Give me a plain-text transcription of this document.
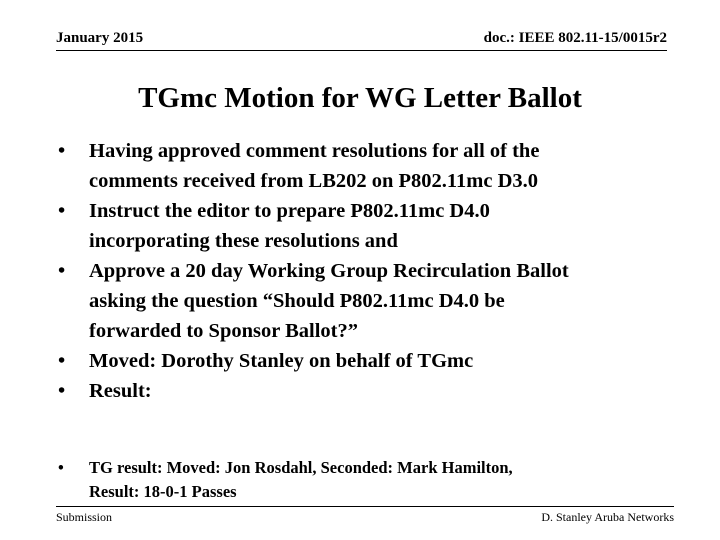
January 2015	doc.: IEEE 802.11-15/0015r2
TGmc Motion for WG Letter Ballot
• Having approved comment resolutions for all of the
comments received from LB202 on P802.11mc D3.0
• Instruct the editor to prepare P802.11mc D4.0
incorporating these resolutions and
• Approve a 20 day Working Group Recirculation Ballot
asking the question “Should P802.11mc D4.0 be
forwarded to Sponsor Ballot?”
• Moved: Dorothy Stanley on behalf of TGmc
• Result:
• TG result: Moved: Jon Rosdahl, Seconded: Mark Hamilton,
Result: 18-0-1 Passes
Submission	D. Stanley Aruba Networks
